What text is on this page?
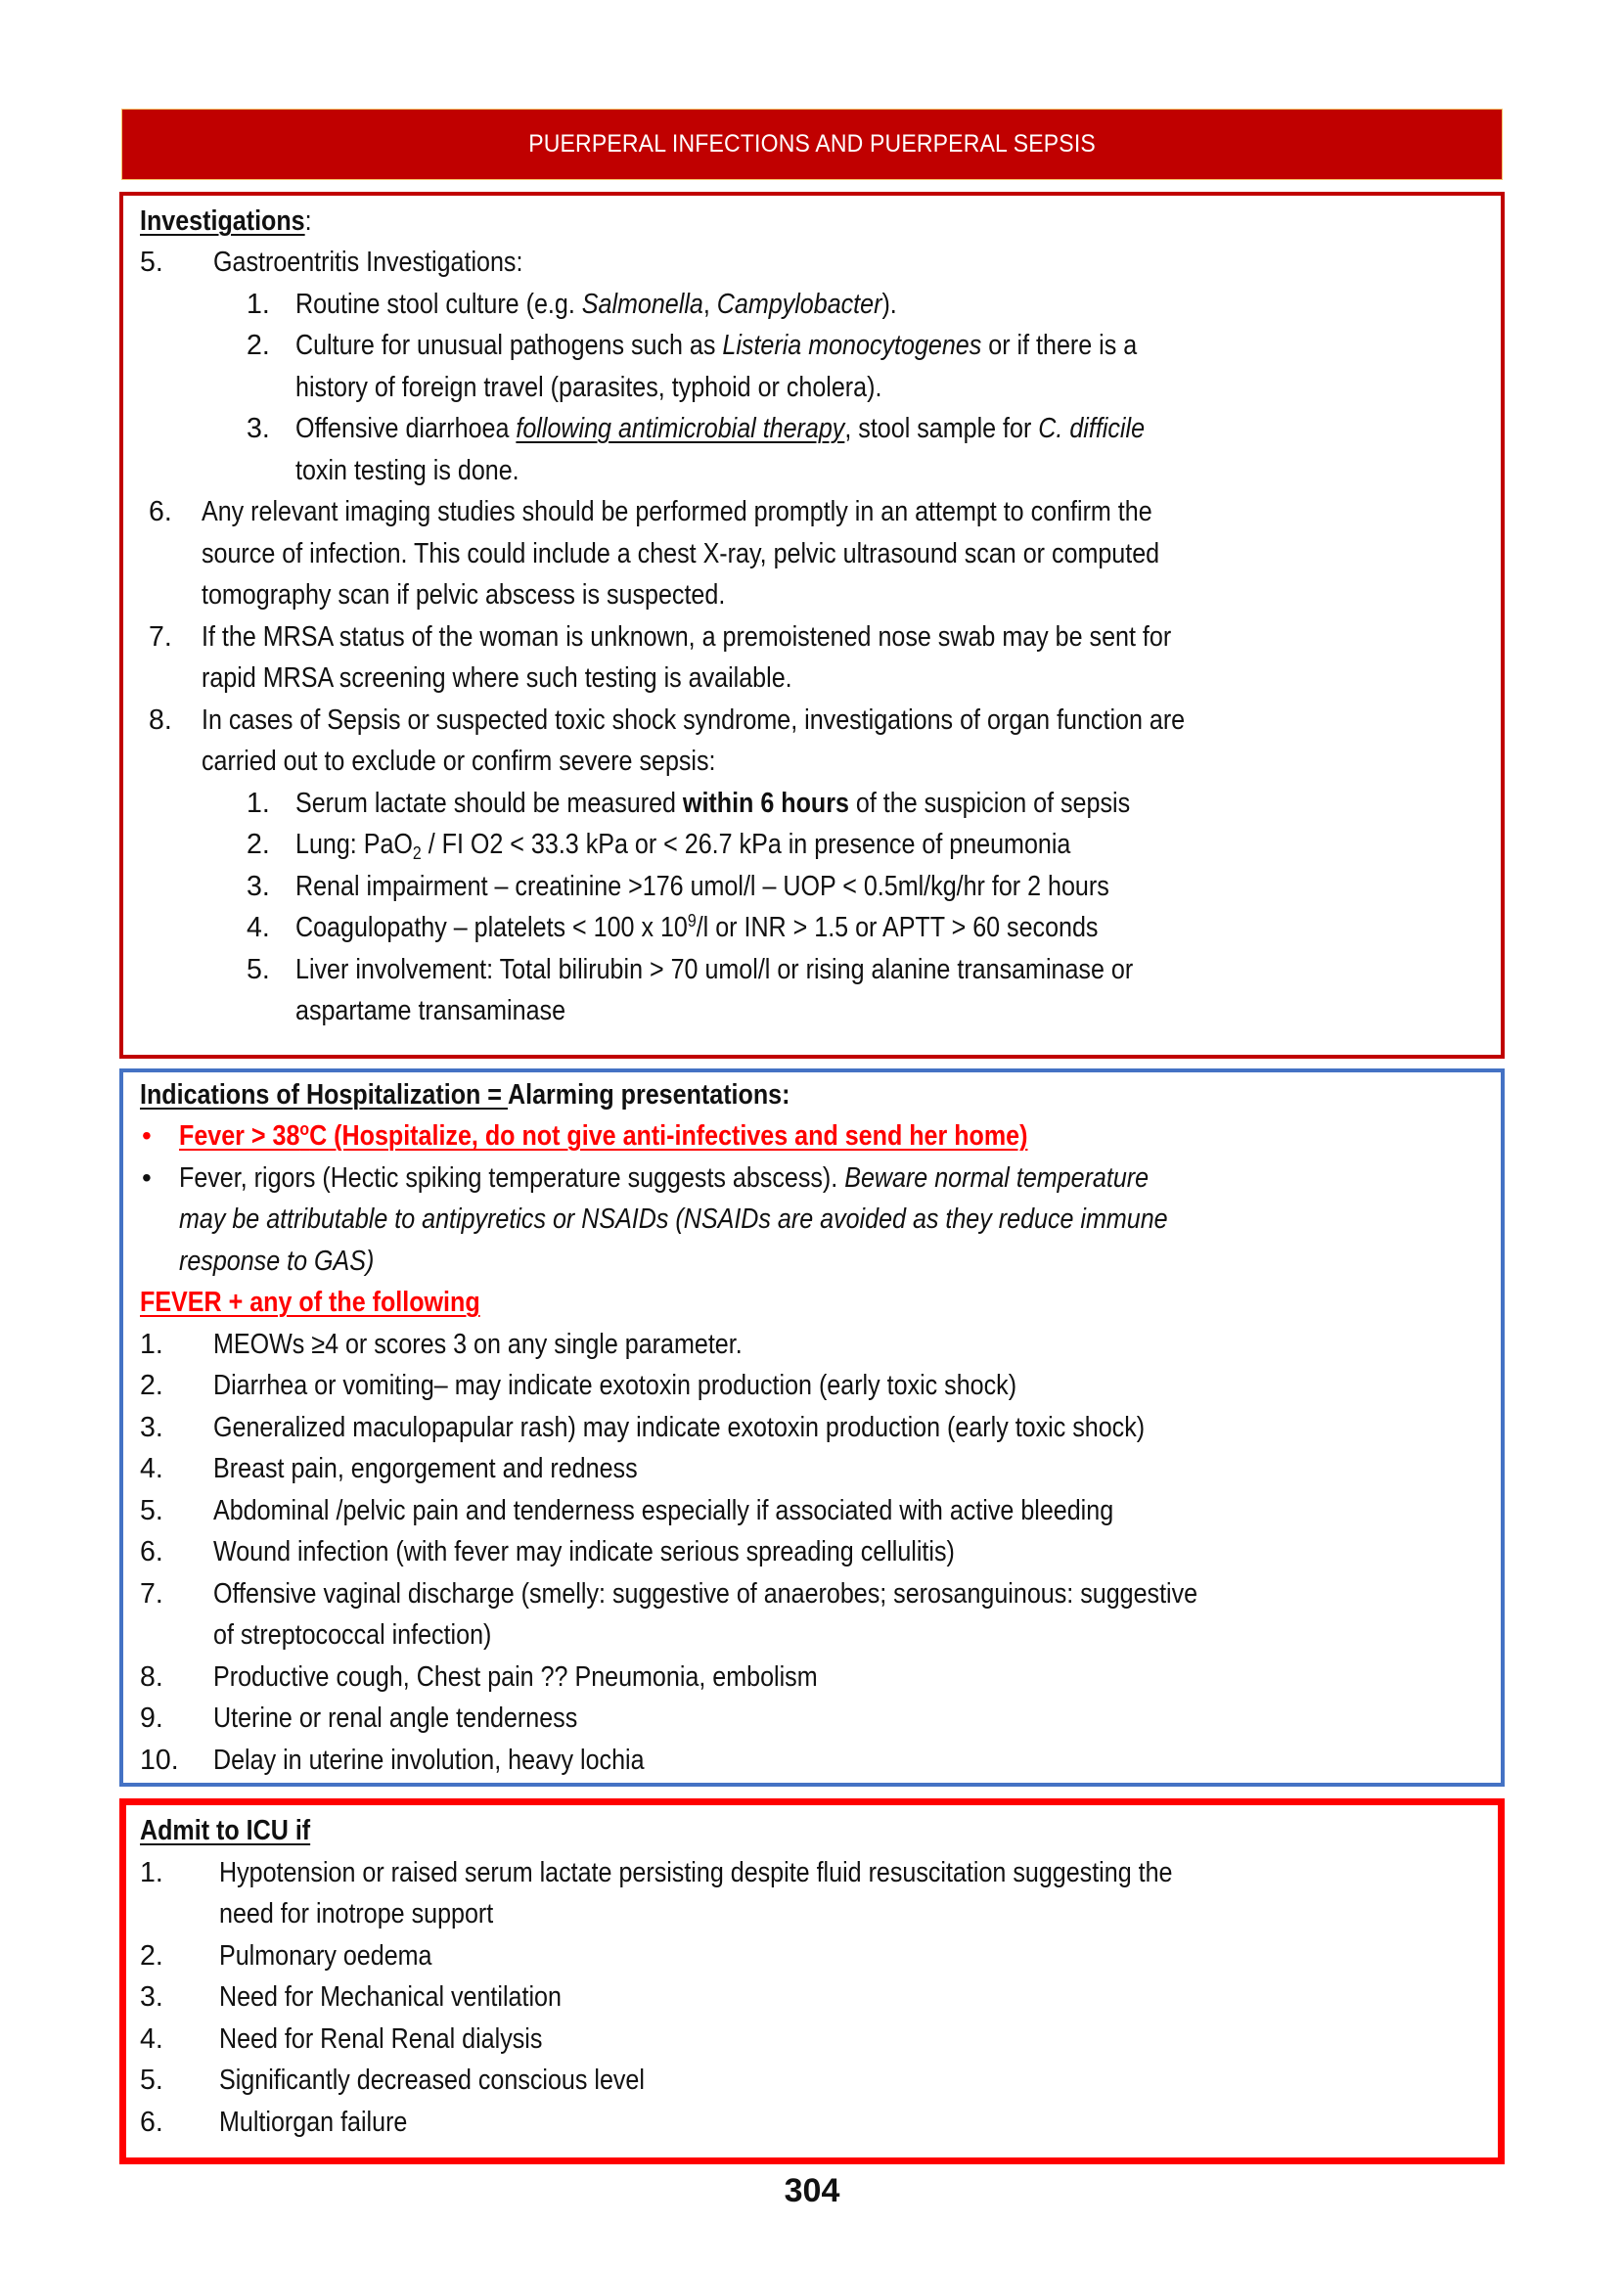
PUERPERAL INFECTIONS AND PUERPERAL SEPSIS
Investigations:
5. Gastroentritis Investigations:
1. Routine stool culture (e.g. Salmonella, Campylobacter).
2. Culture for unusual pathogens such as Listeria monocytogenes or if there is a
history of foreign travel (parasites, typhoid or cholera).
3. Offensive diarrhoea following antimicrobial therapy, stool sample for C. difficile
toxin testing is done.
6. Any relevant imaging studies should be performed promptly in an attempt to confirm the
source of infection. This could include a chest X-ray, pelvic ultrasound scan or computed
tomography scan if pelvic abscess is suspected.
7. If the MRSA status of the woman is unknown, a premoistened nose swab may be sent for
rapid MRSA screening where such testing is available.
8. In cases of Sepsis or suspected toxic shock syndrome, investigations of organ function are
carried out to exclude or confirm severe sepsis:
1. Serum lactate should be measured within 6 hours of the suspicion of sepsis
2. Lung: PaO$_2$ / FI O2 < 33.3 kPa or < 26.7 kPa in presence of pneumonia
3. Renal impairment – creatinine >176 umol/l – UOP < 0.5ml/kg/hr for 2 hours
4. Coagulopathy – platelets < 100 x $10^9/l$ or INR > 1.5 or APTT > 60 seconds
5. Liver involvement: Total bilirubin > 70 umol/l or rising alanine transaminase or
aspartame transaminase
Indications of Hospitalization = Alarming presentations:
• Fever > $38^oC$ (Hospitalize, do not give anti-infectives and send her home)
• Fever, rigors (Hectic spiking temperature suggests abscess). Beware normal temperature
may be attributable to antipyretics or NSAIDs (NSAIDs are avoided as they reduce immune
response to GAS)
FEVER + any of the following
1. MEOWs ≥4 or scores 3 on any single parameter.
2. Diarrhea or vomiting– may indicate exotoxin production (early toxic shock)
3. Generalized maculopapular rash) may indicate exotoxin production (early toxic shock)
4. Breast pain, engorgement and redness
5. Abdominal /pelvic pain and tenderness especially if associated with active bleeding
6. Wound infection (with fever may indicate serious spreading cellulitis)
7. Offensive vaginal discharge (smelly: suggestive of anaerobes; serosanguinous: suggestive
of streptococcal infection)
8. Productive cough, Chest pain ?? Pneumonia, embolism
9. Uterine or renal angle tenderness
10. Delay in uterine involution, heavy lochia
Admit to ICU if
1. Hypotension or raised serum lactate persisting despite fluid resuscitation suggesting the
need for inotrope support
2. Pulmonary oedema
3. Need for Mechanical ventilation
4. Need for Renal Renal dialysis
5. Significantly decreased conscious level
6. Multiorgan failure
304
